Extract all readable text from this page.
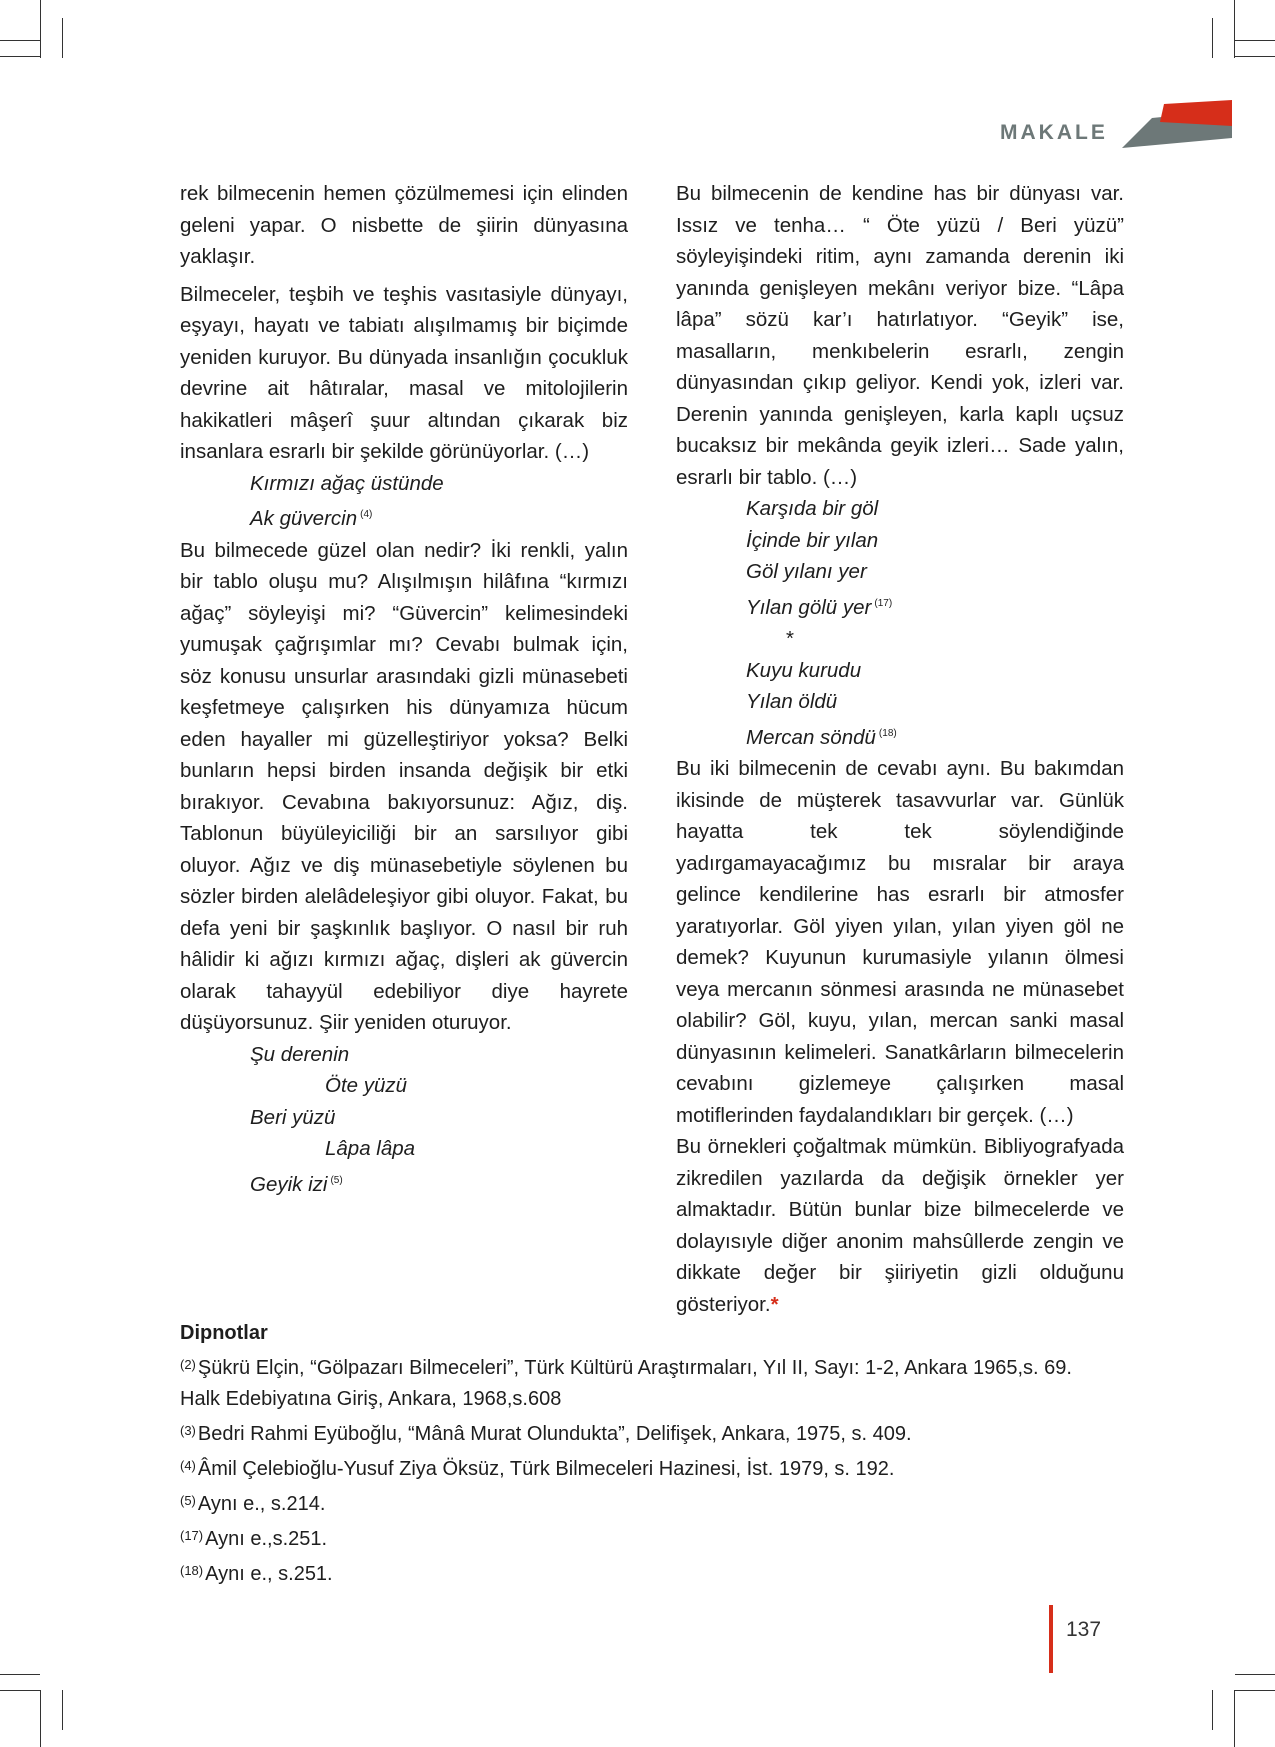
MAKALE

rek bilmecenin hemen çözülmemesi için elinden geleni yapar. O nisbette de şiirin dünyasına yaklaşır.

Bilmeceler, teşbih ve teşhis vasıtasiyle dünyayı, eşyayı, hayatı ve tabiatı alışılmamış bir biçimde yeniden kuruyor. Bu dünyada insanlığın çocukluk devrine ait hâtıralar, masal ve mitolojilerin hakikatleri mâşerî şuur altından çıkarak biz insanlara esrarlı bir şekilde görünüyorlar. (…)

Kırmızı ağaç üstünde
Ak güvercin $^{(4)}$

Bu bilmecede güzel olan nedir? İki renkli, yalın bir tablo oluşu mu? Alışılmışın hilâfına “kırmızı ağaç” söyleyişi mi? “Güvercin” kelimesindeki yumuşak çağrışımlar mı? Cevabı bulmak için, söz konusu unsurlar arasındaki gizli münasebeti keşfetmeye çalışırken his dünyamıza hücum eden hayaller mi güzelleştiriyor yoksa? Belki bunların hepsi birden insanda değişik bir etki bırakıyor. Cevabına bakıyorsunuz: Ağız, diş. Tablonun büyüleyiciliği bir an sarsılıyor gibi oluyor. Ağız ve diş münasebetiyle söylenen bu sözler birden alelâdeleşiyor gibi oluyor. Fakat, bu defa yeni bir şaşkınlık başlıyor. O nasıl bir ruh hâlidir ki ağızı kırmızı ağaç, dişleri ak güvercin olarak tahayyül edebiliyor diye hayrete düşüyorsunuz. Şiir yeniden oturuyor.

Şu derenin
Öte yüzü
Beri yüzü
Lâpa lâpa
Geyik izi $^{(5)}$

Bu bilmecenin de kendine has bir dünyası var. Issız ve tenha… “ Öte yüzü / Beri yüzü” söyleyişindeki ritim, aynı zamanda derenin iki yanında genişleyen mekânı veriyor bize. “Lâpa lâpa” sözü kar’ı hatırlatıyor. “Geyik” ise, masalların, menkıbelerin esrarlı, zengin dünyasından çıkıp geliyor. Kendi yok, izleri var. Derenin yanında genişleyen, karla kaplı uçsuz bucaksız bir mekânda geyik izleri… Sade yalın, esrarlı bir tablo. (…)

Karşıda bir göl
İçinde bir yılan
Göl yılanı yer
Yılan gölü yer $^{(17)}$
*
Kuyu kurudu
Yılan öldü
Mercan söndü $^{(18)}$

Bu iki bilmecenin de cevabı aynı. Bu bakımdan ikisinde de müşterek tasavvurlar var. Günlük hayatta tek tek söylendiğinde yadırgamayacağımız bu mısralar bir araya gelince kendilerine has esrarlı bir atmosfer yaratıyorlar. Göl yiyen yılan, yılan yiyen göl ne demek? Kuyunun kurumasiyle yılanın ölmesi veya mercanın sönmesi arasında ne münasebet olabilir? Göl, kuyu, yılan, mercan sanki masal dünyasının kelimeleri. Sanatkârların bilmecelerin cevabını gizlemeye çalışırken masal motiflerinden faydalandıkları bir gerçek. (…)

Bu örnekleri çoğaltmak mümkün. Bibliyografyada zikredilen yazılarda da değişik örnekler yer almaktadır. Bütün bunlar bize bilmecelerde ve dolayısıyle diğer anonim mahsûllerde zengin ve dikkate değer bir şiiriyetin gizli olduğunu gösteriyor.*

Dipnotlar
$^{(2)}$ Şükrü Elçin, “Gölpazarı Bilmeceleri”, Türk Kültürü Araştırmaları, Yıl II, Sayı: 1-2, Ankara 1965,s. 69.
Halk Edebiyatına Giriş, Ankara, 1968,s.608
$^{(3)}$ Bedri Rahmi Eyüboğlu, “Mânâ Murat Olundukta”, Delifişek, Ankara, 1975, s. 409.
$^{(4)}$ Âmil Çelebioğlu-Yusuf Ziya Öksüz, Türk Bilmeceleri Hazinesi, İst. 1979, s. 192.
$^{(5)}$ Aynı e., s.214.
$^{(17)}$ Aynı e.,s.251.
$^{(18)}$ Aynı e., s.251.
137
